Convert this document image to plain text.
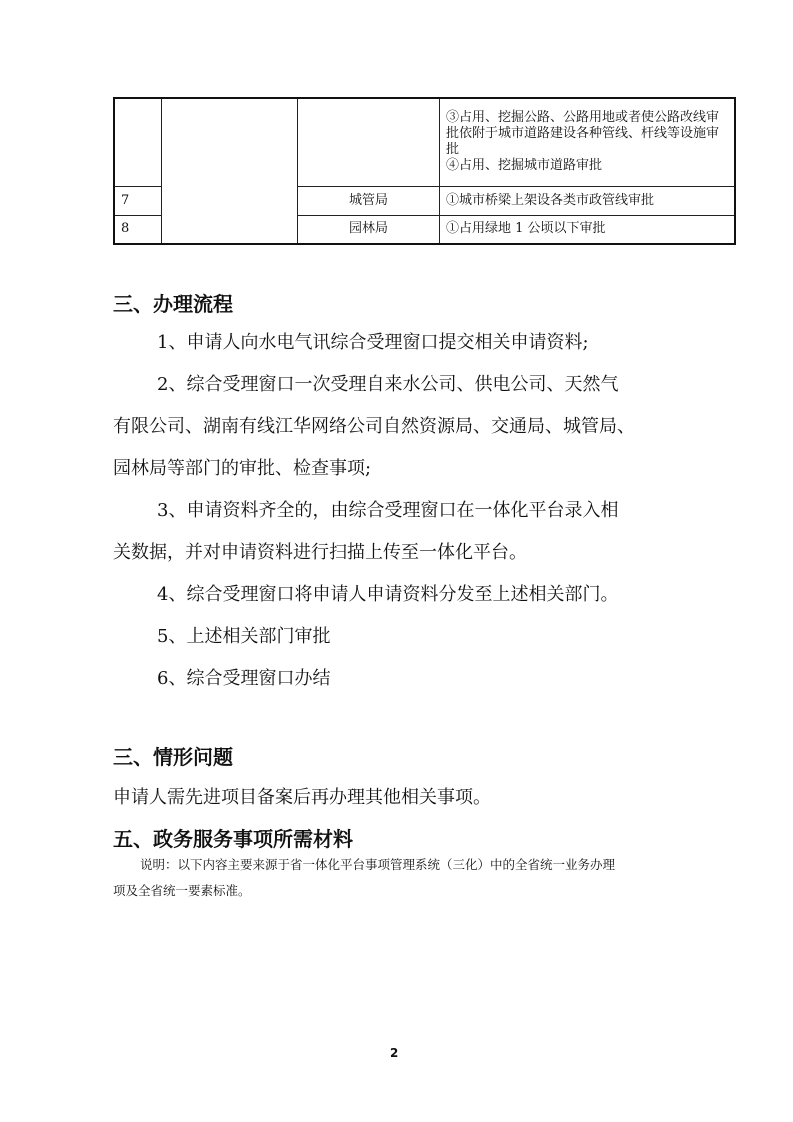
			③占用、挖掘公路、公路用地或者使公路改线审批依附于城市道路建设各种管线、杆线等设施审批
④占用、挖掘城市道路审批

7		城管局	①城市桥梁上架设各类市政管线审批
8		园林局	①占用绿地 1 公顷以下审批
三、办理流程
1、申请人向水电气讯综合受理窗口提交相关申请资料;
2、综合受理窗口一次受理自来水公司、供电公司、天然气
有限公司、湖南有线江华网络公司自然资源局、交通局、城管局、
园林局等部门的审批、检查事项;
3、申请资料齐全的，由综合受理窗口在一体化平台录入相
关数据，并对申请资料进行扫描上传至一体化平台。
4、综合受理窗口将申请人申请资料分发至上述相关部门。
5、上述相关部门审批
6、综合受理窗口办结
三、情形问题
申请人需先进项目备案后再办理其他相关事项。
五、政务服务事项所需材料
说明：以下内容主要来源于省一体化平台事项管理系统（三化）中的全省统一业务办理
项及全省统一要素标准。
2
